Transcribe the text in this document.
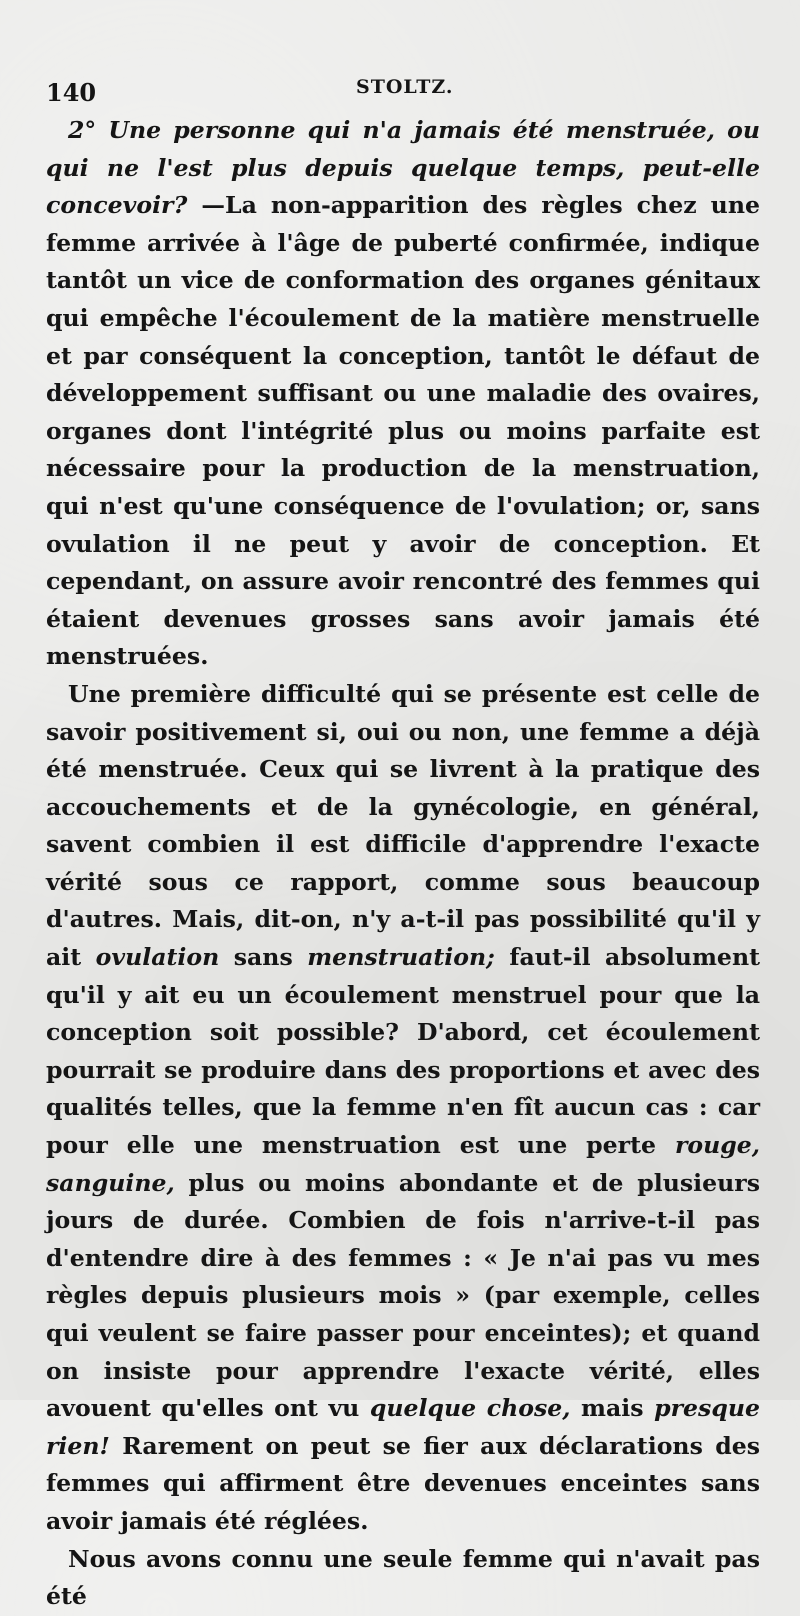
140	STOLTZ.

2° Une personne qui n'a jamais été menstruée, ou qui ne l'est plus depuis quelque temps, peut-elle concevoir? —La non-apparition des règles chez une femme arrivée à l'âge de puberté confirmée, indique tantôt un vice de conformation des organes génitaux qui empêche l'écoulement de la matière menstruelle et par conséquent la conception, tantôt le défaut de développement suffisant ou une maladie des ovaires, organes dont l'intégrité plus ou moins parfaite est nécessaire pour la production de la menstruation, qui n'est qu'une conséquence de l'ovulation; or, sans ovulation il ne peut y avoir de conception. Et cependant, on assure avoir rencontré des femmes qui étaient devenues grosses sans avoir jamais été menstruées.

Une première difficulté qui se présente est celle de savoir positivement si, oui ou non, une femme a déjà été menstruée. Ceux qui se livrent à la pratique des accouchements et de la gynécologie, en général, savent combien il est difficile d'apprendre l'exacte vérité sous ce rapport, comme sous beaucoup d'autres. Mais, dit-on, n'y a-t-il pas possibilité qu'il y ait ovulation sans menstruation; faut-il absolument qu'il y ait eu un écoulement menstruel pour que la conception soit possible? D'abord, cet écoulement pourrait se produire dans des proportions et avec des qualités telles, que la femme n'en fît aucun cas : car pour elle une menstruation est une perte rouge, sanguine, plus ou moins abondante et de plusieurs jours de durée. Combien de fois n'arrive-t-il pas d'entendre dire à des femmes : « Je n'ai pas vu mes règles depuis plusieurs mois » (par exemple, celles qui veulent se faire passer pour enceintes); et quand on insiste pour apprendre l'exacte vérité, elles avouent qu'elles ont vu quelque chose, mais presque rien! Rarement on peut se fier aux déclarations des femmes qui affirment être devenues enceintes sans avoir jamais été réglées.

Nous avons connu une seule femme qui n'avait pas été
